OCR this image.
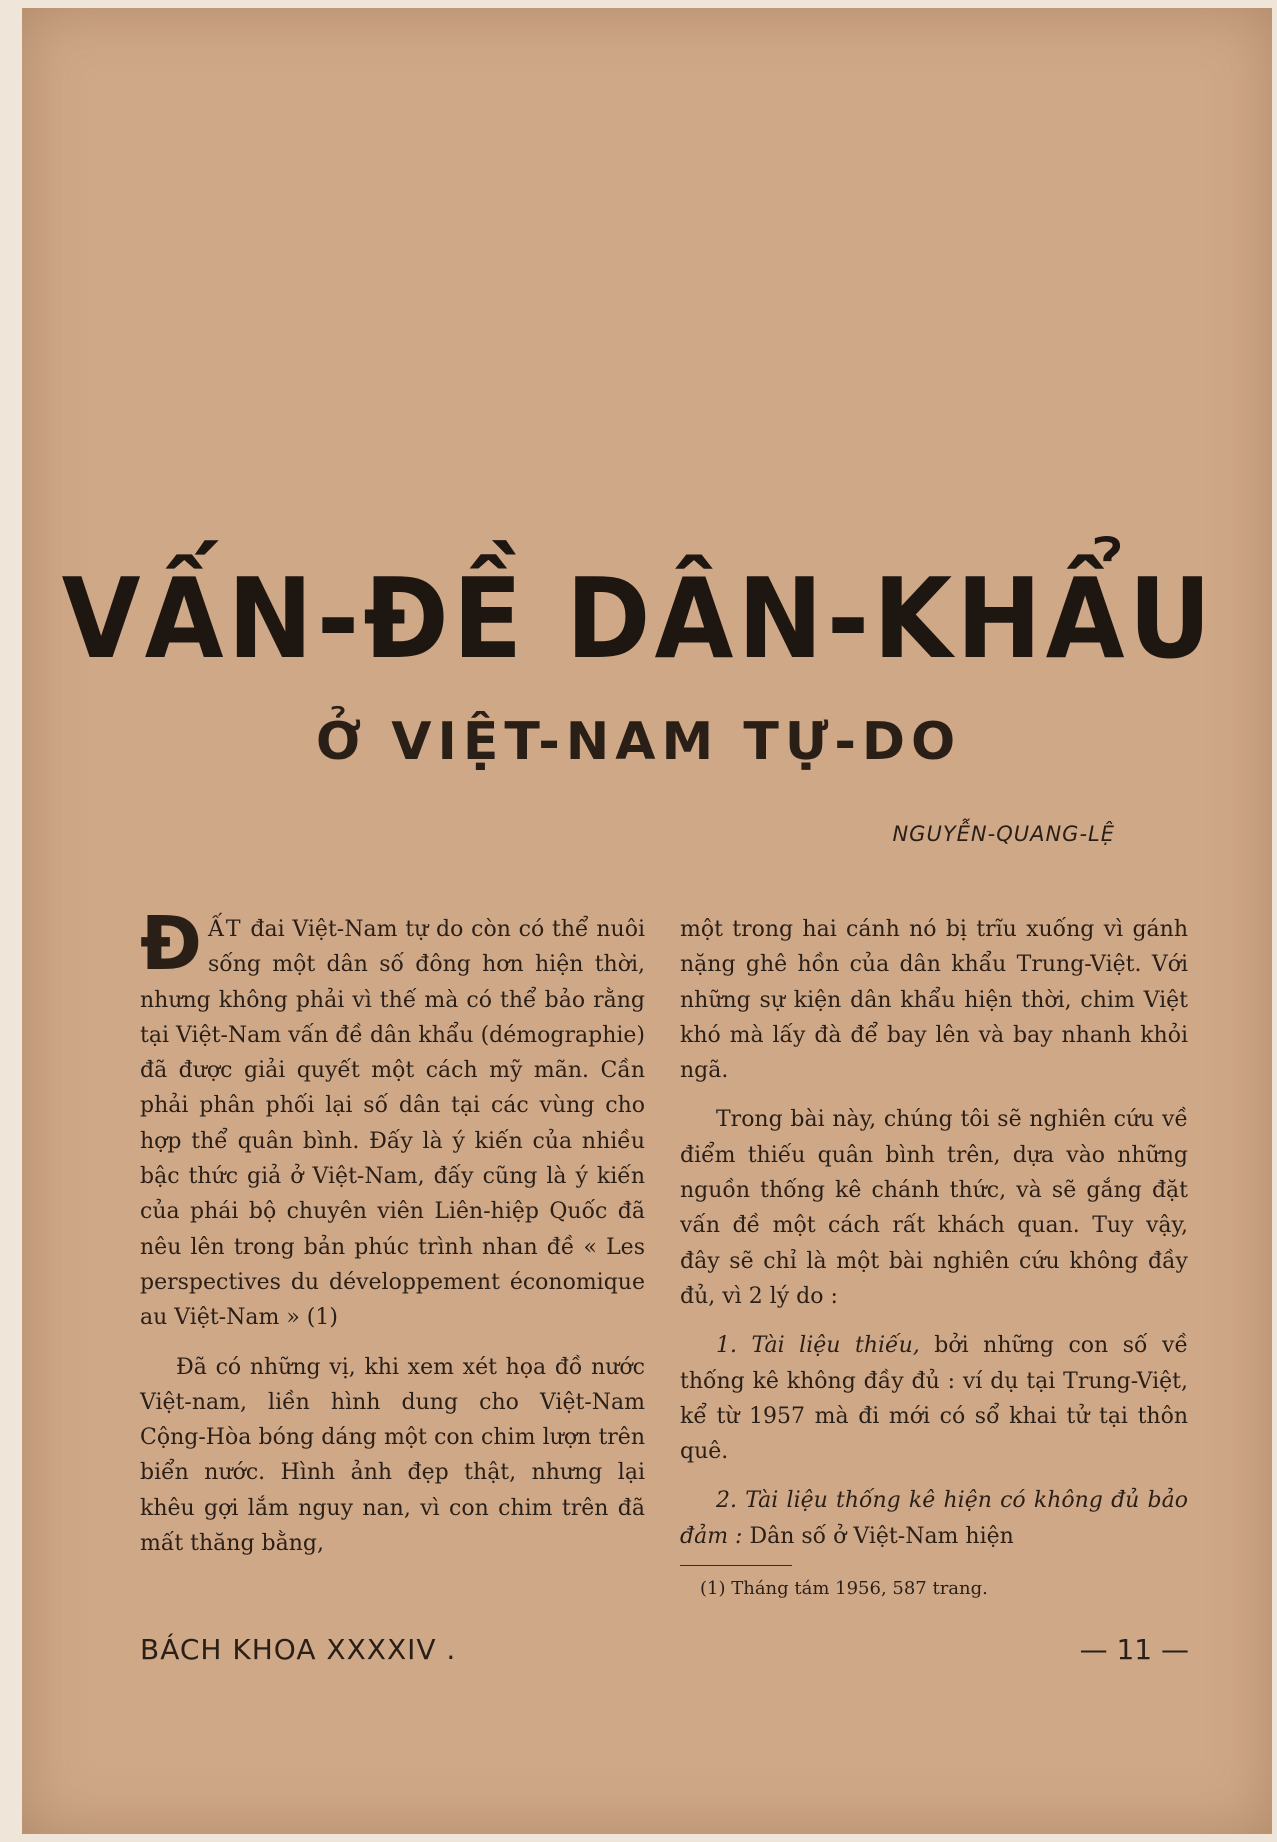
VẤN-ĐỀ DÂN-KHẨU
Ở VIỆT-NAM TỰ-DO
NGUYỄN-QUANG-LỆ

ĐẤT đai Việt-Nam tự do còn có thể nuôi sống một dân số đông hơn hiện thời, nhưng không phải vì thế mà có thể bảo rằng tại Việt-Nam vấn đề dân khẩu (démographie) đã được giải quyết một cách mỹ mãn. Cần phải phân phối lại số dân tại các vùng cho hợp thể quân bình. Đấy là ý kiến của nhiều bậc thức giả ở Việt-Nam, đấy cũng là ý kiến của phái bộ chuyên viên Liên-hiệp Quốc đã nêu lên trong bản phúc trình nhan đề « Les perspectives du développement économique au Việt-Nam » (1)

Đã có những vị, khi xem xét họa đồ nước Việt-nam, liền hình dung cho Việt-Nam Cộng-Hòa bóng dáng một con chim lượn trên biển nước. Hình ảnh đẹp thật, nhưng lại khêu gợi lắm nguy nan, vì con chim trên đã mất thăng bằng,

một trong hai cánh nó bị trĩu xuống vì gánh nặng ghê hồn của dân khẩu Trung-Việt. Với những sự kiện dân khẩu hiện thời, chim Việt khó mà lấy đà để bay lên và bay nhanh khỏi ngã.

Trong bài này, chúng tôi sẽ nghiên cứu về điểm thiếu quân bình trên, dựa vào những nguồn thống kê chánh thức, và sẽ gắng đặt vấn đề một cách rất khách quan. Tuy vậy, đây sẽ chỉ là một bài nghiên cứu không đầy đủ, vì 2 lý do :

1. Tài liệu thiếu, bởi những con số về thống kê không đầy đủ : ví dụ tại Trung-Việt, kể từ 1957 mà đi mới có sổ khai tử tại thôn quê.

2. Tài liệu thống kê hiện có không đủ bảo đảm : Dân số ở Việt-Nam hiện

(1) Tháng tám 1956, 587 trang.
BÁCH KHOA XXXXIV .	— 11 —
